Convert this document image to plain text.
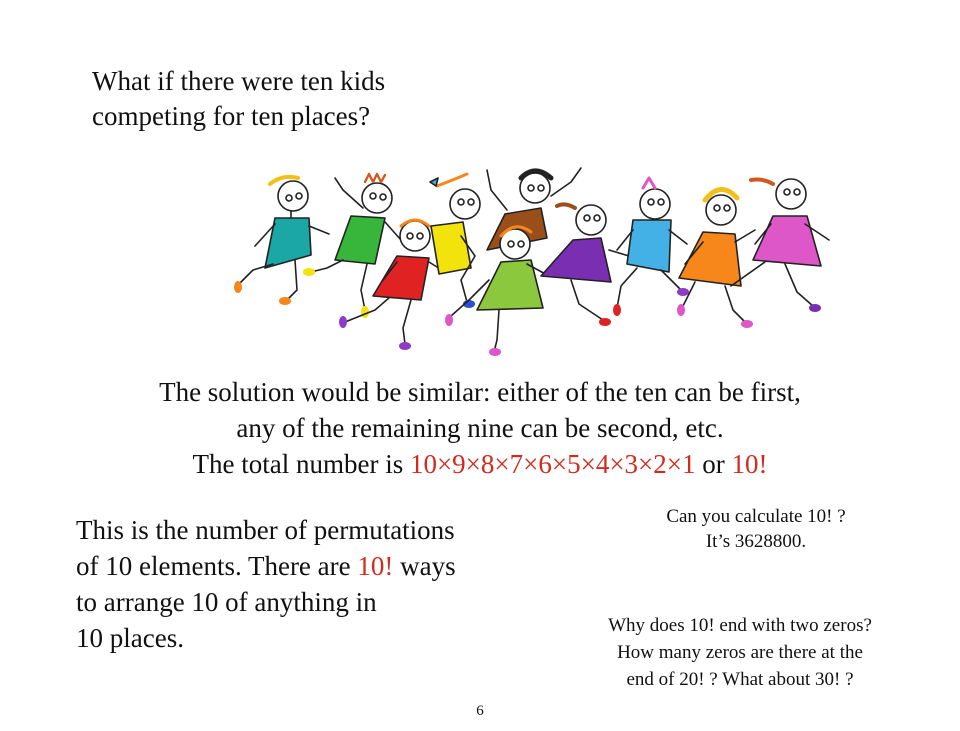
What if there were ten kids
competing for ten places?
The solution would be similar: either of the ten can be first,
any of the remaining nine can be second, etc.
The total number is 10×9×8×7×6×5×4×3×2×1 or 10!
This is the number of permutations
of 10 elements. There are 10! ways
to arrange 10 of anything in
10 places.
Can you calculate 10! ?
It’s 3628800.
Why does 10! end with two zeros?
How many zeros are there at the
end of 20! ? What about 30! ?
6
